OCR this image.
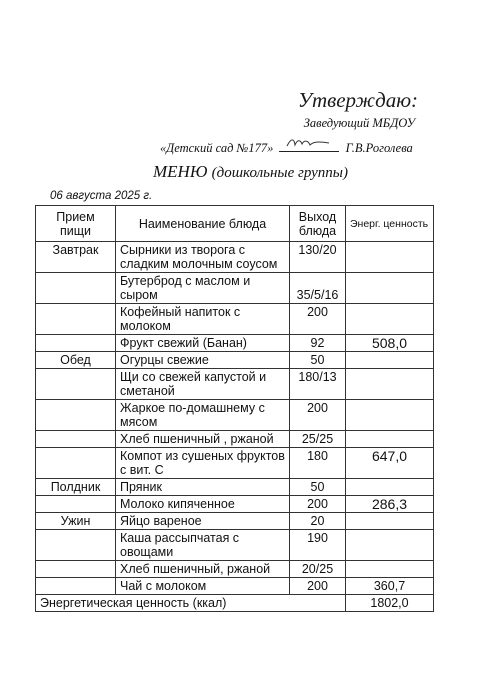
Утверждаю:
Заведующий МБДОУ
«Детский сад №177»	Г.В.Роголева
МЕНЮ (дошкольные группы)
06 августа 2025 г.
Прием пищи	Наименование блюда	Выход блюда	Энерг. ценность
Завтрак	Сырники из творога с сладким молочным соусом	130/20	
	Бутерброд с маслом и сыром	35/5/16	
	Кофейный напиток с молоком	200	
	Фрукт свежий (Банан)	92	508,0
Обед	Огурцы свежие	50	
	Щи со свежей капустой и сметаной	180/13	
	Жаркое по-домашнему с мясом	200	
	Хлеб пшеничный , ржаной	25/25	
	Компот из сушеных фруктов с вит. С	180	647,0
Полдник	Пряник	50	
	Молоко кипяченное	200	286,3
Ужин	Яйцо вареное	20	
	Каша рассыпчатая с овощами	190	
	Хлеб пшеничный, ржаной	20/25	
	Чай с молоком	200	360,7
Энергетическая ценность (ккал)			1802,0
